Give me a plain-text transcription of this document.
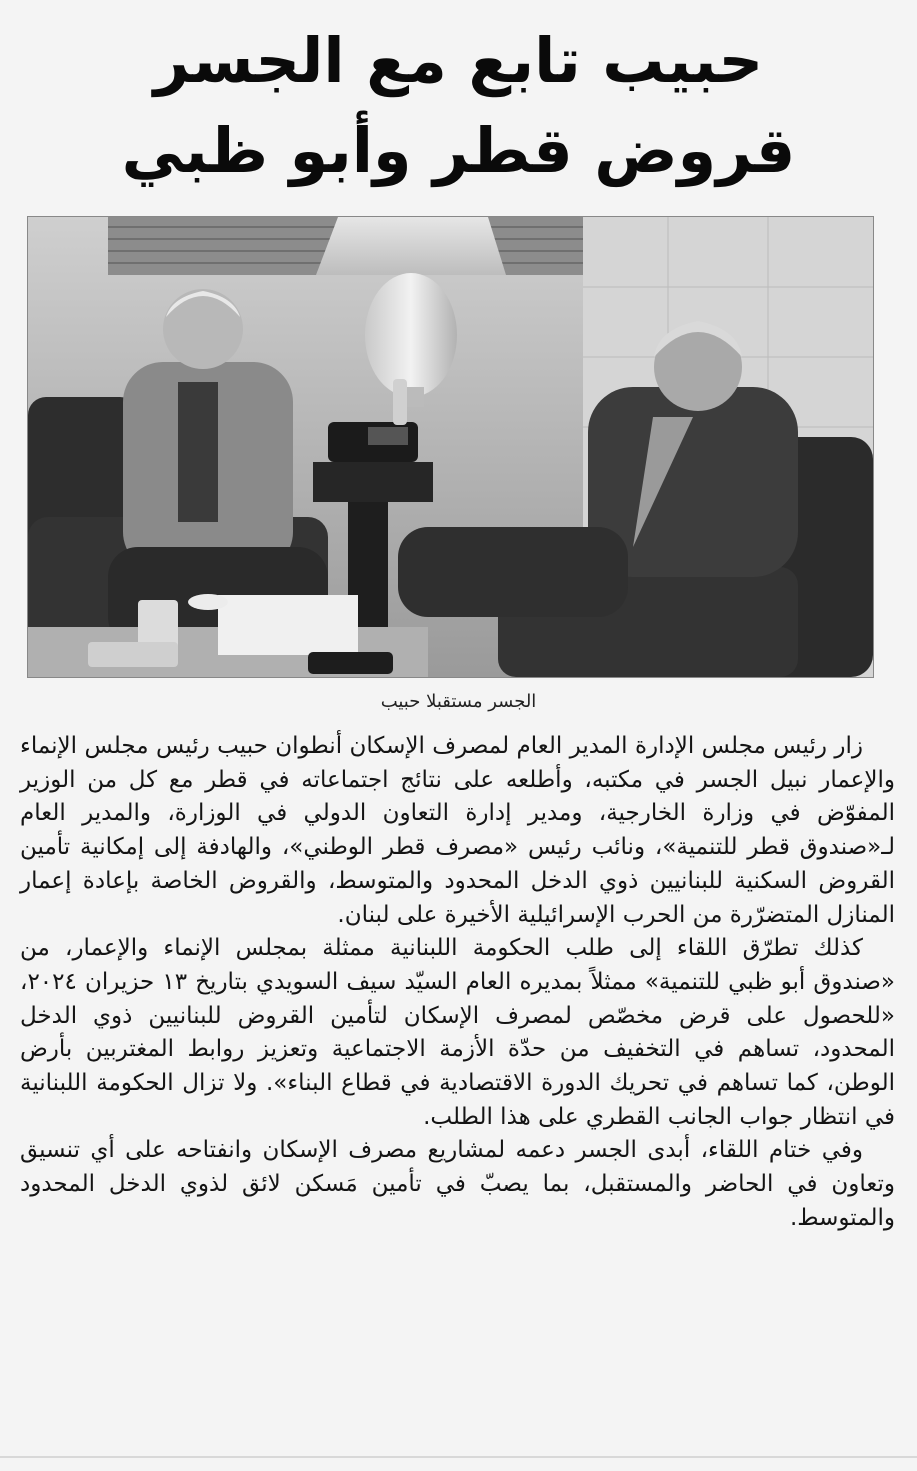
حبيب تابع مع الجسر
قروض قطر وأبو ظبي
الجسر مستقبلا حبيب

زار رئيس مجلس الإدارة المدير العام لمصرف الإسكان أنطوان حبيب رئيس مجلس الإنماء والإعمار نبيل الجسر في مكتبه، وأطلعه على نتائج اجتماعاته في قطر مع كل من الوزير المفوّض في وزارة الخارجية، ومدير إدارة التعاون الدولي في الوزارة، والمدير العام لـ«صندوق قطر للتنمية»، ونائب رئيس «مصرف قطر الوطني»، والهادفة إلى إمكانية تأمين القروض السكنية للبنانيين ذوي الدخل المحدود والمتوسط، والقروض الخاصة بإعادة إعمار المنازل المتضرّرة من الحرب الإسرائيلية الأخيرة على لبنان.

كذلك تطرّق اللقاء إلى طلب الحكومة اللبنانية ممثلة بمجلس الإنماء والإعمار، من «صندوق أبو ظبي للتنمية» ممثلاً بمديره العام السيّد سيف السويدي بتاريخ ١٣ حزيران ٢٠٢٤، «للحصول على قرض مخصّص لمصرف الإسكان لتأمين القروض للبنانيين ذوي الدخل المحدود، تساهم في التخفيف من حدّة الأزمة الاجتماعية وتعزيز روابط المغتربين بأرض الوطن، كما تساهم في تحريك الدورة الاقتصادية في قطاع البناء». ولا تزال الحكومة اللبنانية في انتظار جواب الجانب القطري على هذا الطلب.

وفي ختام اللقاء، أبدى الجسر دعمه لمشاريع مصرف الإسكان وانفتاحه على أي تنسيق وتعاون في الحاضر والمستقبل، بما يصبّ في تأمين مَسكن لائق لذوي الدخل المحدود والمتوسط.
